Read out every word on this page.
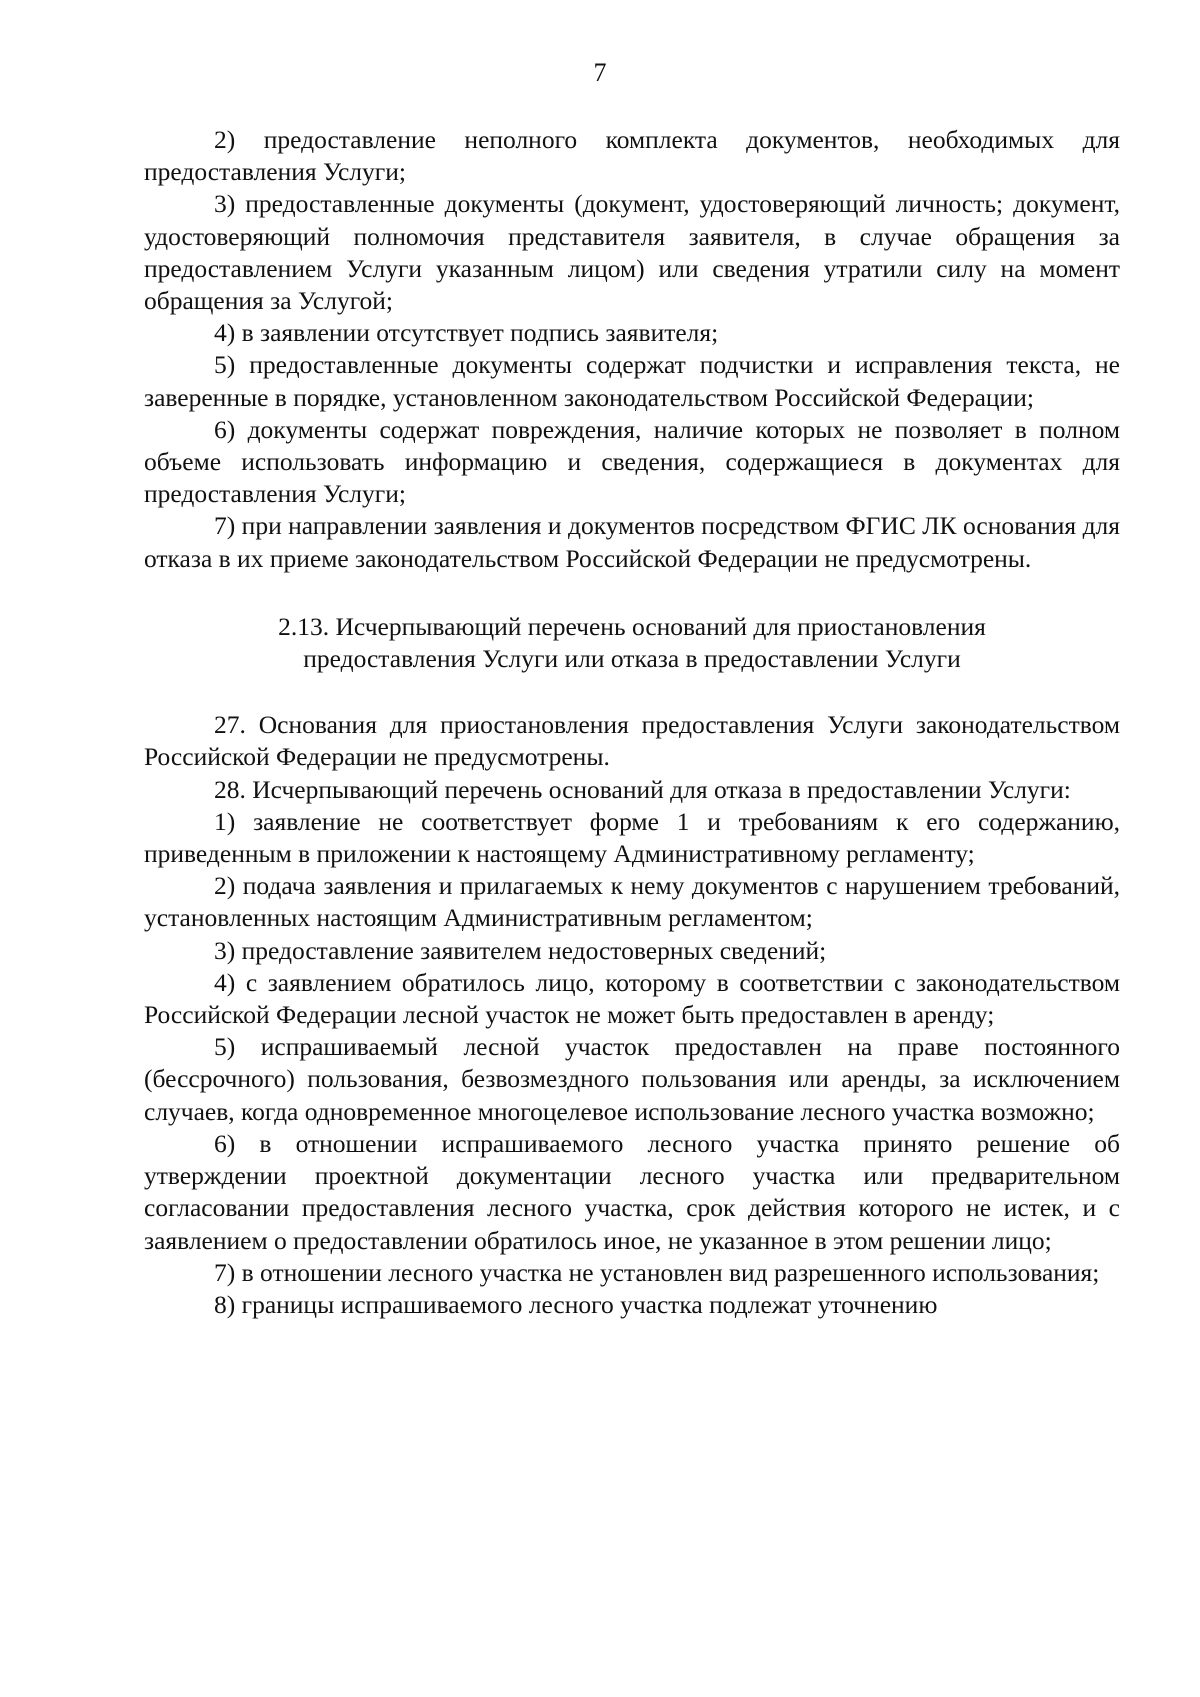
7

2) предоставление неполного комплекта документов, необходимых для предоставления Услуги;

3) предоставленные документы (документ, удостоверяющий личность; документ, удостоверяющий полномочия представителя заявителя, в случае обращения за предоставлением Услуги указанным лицом) или сведения утратили силу на момент обращения за Услугой;

4) в заявлении отсутствует подпись заявителя;

5) предоставленные документы содержат подчистки и исправления текста, не заверенные в порядке, установленном законодательством Российской Федерации;

6) документы содержат повреждения, наличие которых не позволяет в полном объеме использовать информацию и сведения, содержащиеся в документах для предоставления Услуги;

7) при направлении заявления и документов посредством ФГИС ЛК основания для отказа в их приеме законодательством Российской Федерации не предусмотрены.

2.13. Исчерпывающий перечень оснований для приостановления
предоставления Услуги или отказа в предоставлении Услуги

27. Основания для приостановления предоставления Услуги законодательством Российской Федерации не предусмотрены.

28. Исчерпывающий перечень оснований для отказа в предоставлении Услуги:

1) заявление не соответствует форме 1 и требованиям к его содержанию, приведенным в приложении к настоящему Административному регламенту;

2) подача заявления и прилагаемых к нему документов с нарушением требований, установленных настоящим Административным регламентом;

3) предоставление заявителем недостоверных сведений;

4) с заявлением обратилось лицо, которому в соответствии с законодательством Российской Федерации лесной участок не может быть предоставлен в аренду;

5) испрашиваемый лесной участок предоставлен на праве постоянного (бессрочного) пользования, безвозмездного пользования или аренды, за исключением случаев, когда одновременное многоцелевое использование лесного участка возможно;

6) в отношении испрашиваемого лесного участка принято решение об утверждении проектной документации лесного участка или предварительном согласовании предоставления лесного участка, срок действия которого не истек, и с заявлением о предоставлении обратилось иное, не указанное в этом решении лицо;

7) в отношении лесного участка не установлен вид разрешенного использования;

8) границы испрашиваемого лесного участка подлежат уточнению
